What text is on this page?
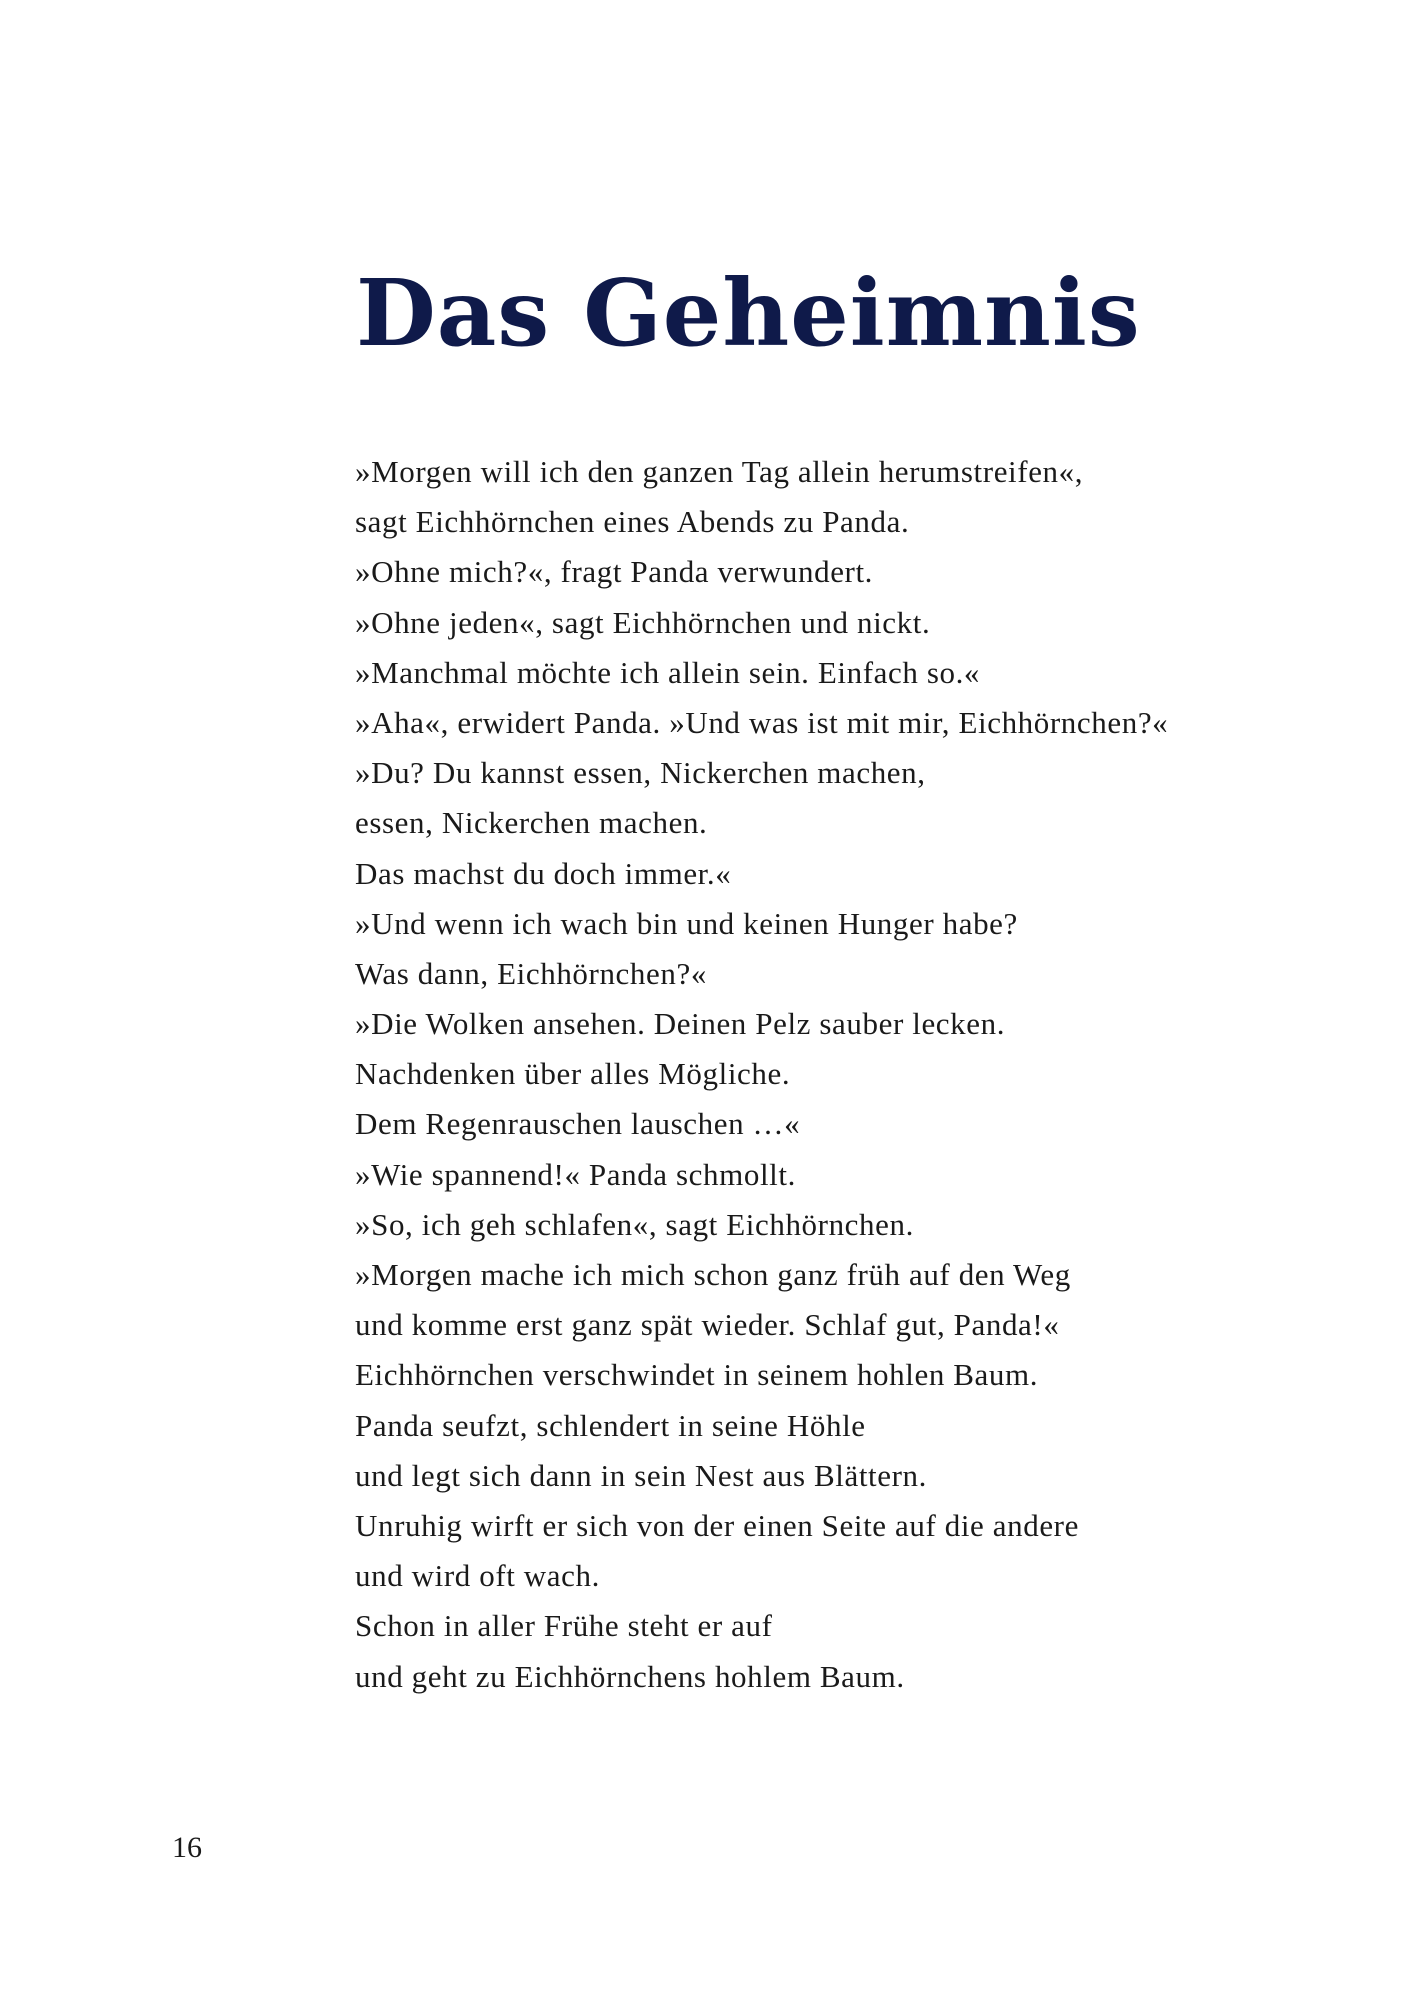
Das Geheimnis
»Morgen will ich den ganzen Tag allein herumstreifen«,
sagt Eichhörnchen eines Abends zu Panda.
»Ohne mich?«, fragt Panda verwundert.
»Ohne jeden«, sagt Eichhörnchen und nickt.
»Manchmal möchte ich allein sein. Einfach so.«
»Aha«, erwidert Panda. »Und was ist mit mir, Eichhörnchen?«
»Du? Du kannst essen, Nickerchen machen,
essen, Nickerchen machen.
Das machst du doch immer.«
»Und wenn ich wach bin und keinen Hunger habe?
Was dann, Eichhörnchen?«
»Die Wolken ansehen. Deinen Pelz sauber lecken.
Nachdenken über alles Mögliche.
Dem Regenrauschen lauschen …«
»Wie spannend!« Panda schmollt.
»So, ich geh schlafen«, sagt Eichhörnchen.
»Morgen mache ich mich schon ganz früh auf den Weg
und komme erst ganz spät wieder. Schlaf gut, Panda!«
Eichhörnchen verschwindet in seinem hohlen Baum.
Panda seufzt, schlendert in seine Höhle
und legt sich dann in sein Nest aus Blättern.
Unruhig wirft er sich von der einen Seite auf die andere
und wird oft wach.
Schon in aller Frühe steht er auf
und geht zu Eichhörnchens hohlem Baum.
16
